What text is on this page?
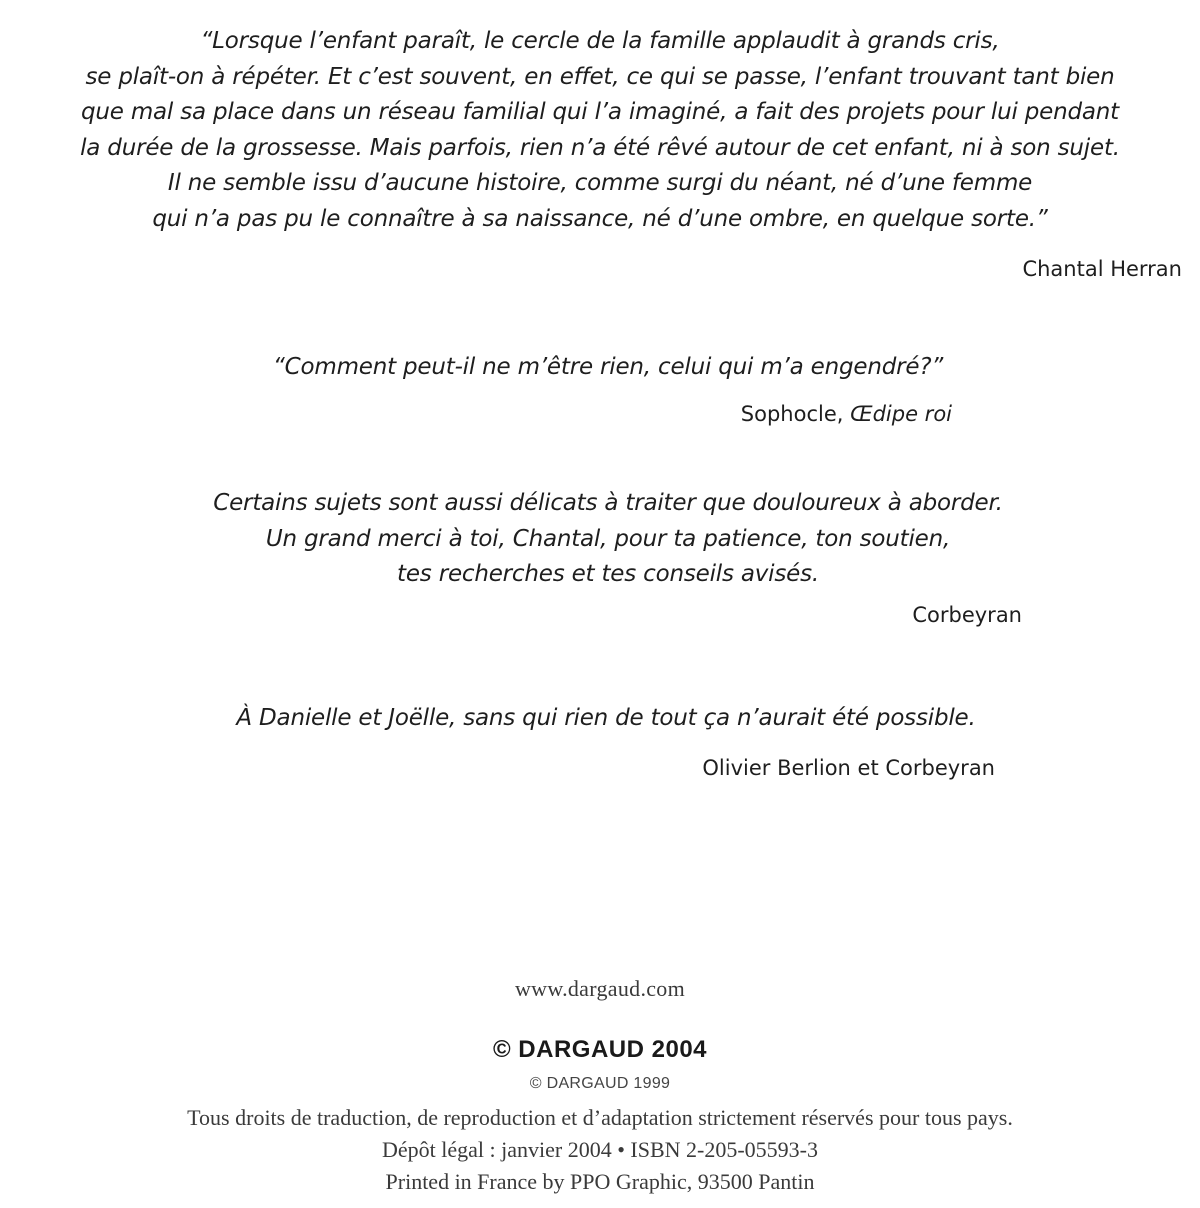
“Lorsque l’enfant paraît, le cercle de la famille applaudit à grands cris,
se plaît-on à répéter. Et c’est souvent, en effet, ce qui se passe, l’enfant trouvant tant bien
que mal sa place dans un réseau familial qui l’a imaginé, a fait des projets pour lui pendant
la durée de la grossesse. Mais parfois, rien n’a été rêvé autour de cet enfant, ni à son sujet.
Il ne semble issu d’aucune histoire, comme surgi du néant, né d’une femme
qui n’a pas pu le connaître à sa naissance, né d’une ombre, en quelque sorte.”
Chantal Herran
“Comment peut-il ne m’être rien, celui qui m’a engendré?”
Sophocle, Œdipe roi
Certains sujets sont aussi délicats à traiter que douloureux à aborder.
Un grand merci à toi, Chantal, pour ta patience, ton soutien,
tes recherches et tes conseils avisés.
Corbeyran
À Danielle et Joëlle, sans qui rien de tout ça n’aurait été possible.
Olivier Berlion et Corbeyran
www.dargaud.com
© DARGAUD 2004
© DARGAUD 1999
Tous droits de traduction, de reproduction et d’adaptation strictement réservés pour tous pays.
Dépôt légal : janvier 2004 • ISBN 2-205-05593-3
Printed in France by PPO Graphic, 93500 Pantin
